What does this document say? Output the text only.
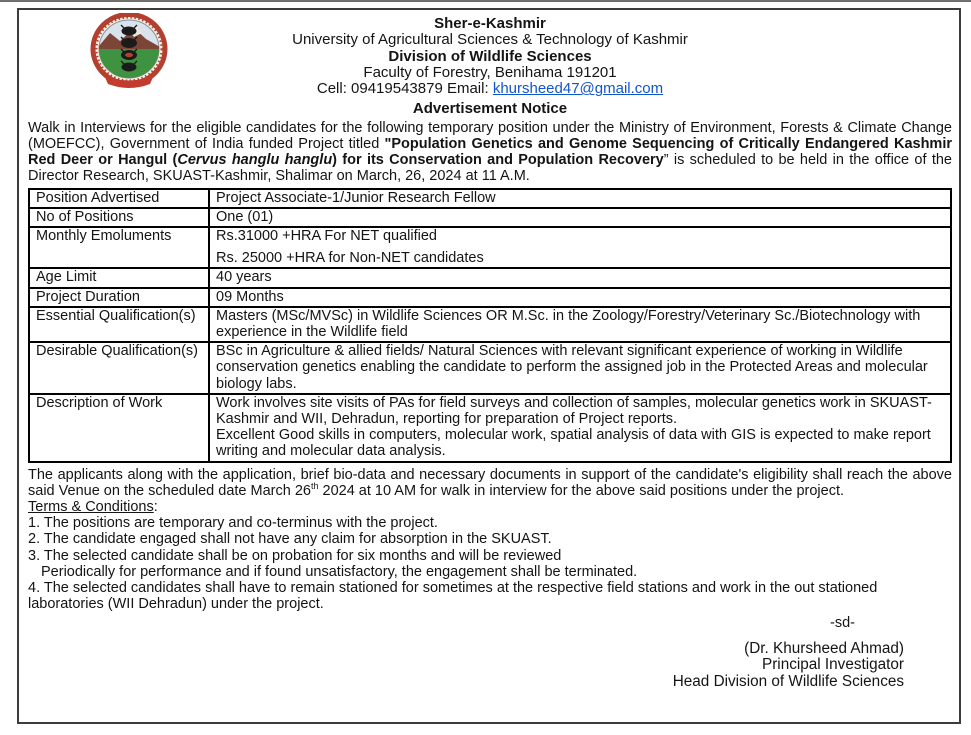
Sher-e-Kashmir
University of Agricultural Sciences & Technology of Kashmir
Division of Wildlife Sciences
Faculty of Forestry, Benihama 191201
Cell: 09419543879 Email: khursheed47@gmail.com
Advertisement Notice

Walk in Interviews for the eligible candidates for the following temporary position under the Ministry of Environment, Forests & Climate Change (MOEFCC), Government of India funded Project titled "Population Genetics and Genome Sequencing of Critically Endangered Kashmir Red Deer or Hangul (Cervus hanglu hanglu) for its Conservation and Population Recovery” is scheduled to be held in the office of the Director Research, SKUAST-Kashmir, Shalimar on March, 26, 2024 at 11 A.M.

Position Advertised	Project Associate-1/Junior Research Fellow

No of Positions	One (01)

Monthly Emoluments	Rs.31000 +HRA For NET qualified
Rs. 25000 +HRA for Non-NET candidates

Age Limit	40 years

Project Duration	09 Months

Essential Qualification(s)	Masters (MSc/MVSc) in Wildlife Sciences OR M.Sc. in the Zoology/Forestry/Veterinary Sc./Biotechnology with experience in the Wildlife field

Desirable Qualification(s)	BSc in Agriculture & allied fields/ Natural Sciences with relevant significant experience of working in Wildlife conservation genetics enabling the candidate to perform the assigned job in the Protected Areas and molecular biology labs.

Description of Work	Work involves site visits of PAs for field surveys and collection of samples, molecular genetics work in SKUAST-Kashmir and WII, Dehradun, reporting for preparation of Project reports.
Excellent Good skills in computers, molecular work, spatial analysis of data with GIS is expected to make report writing and molecular data analysis.

The applicants along with the application, brief bio-data and necessary documents in support of the candidate's eligibility shall reach the above said Venue on the scheduled date March 26th 2024 at 10 AM for walk in interview for the above said positions under the project.

Terms & Conditions:
1. The positions are temporary and co-terminus with the project.
2. The candidate engaged shall not have any claim for absorption in the SKUAST.
3. The selected candidate shall be on probation for six months and will be reviewed
Periodically for performance and if found unsatisfactory, the engagement shall be terminated.
4. The selected candidates shall have to remain stationed for sometimes at the respective field stations and work in the out stationed laboratories (WII Dehradun) under the project.
-sd-
(Dr. Khursheed Ahmad)
Principal Investigator
Head Division of Wildlife Sciences
